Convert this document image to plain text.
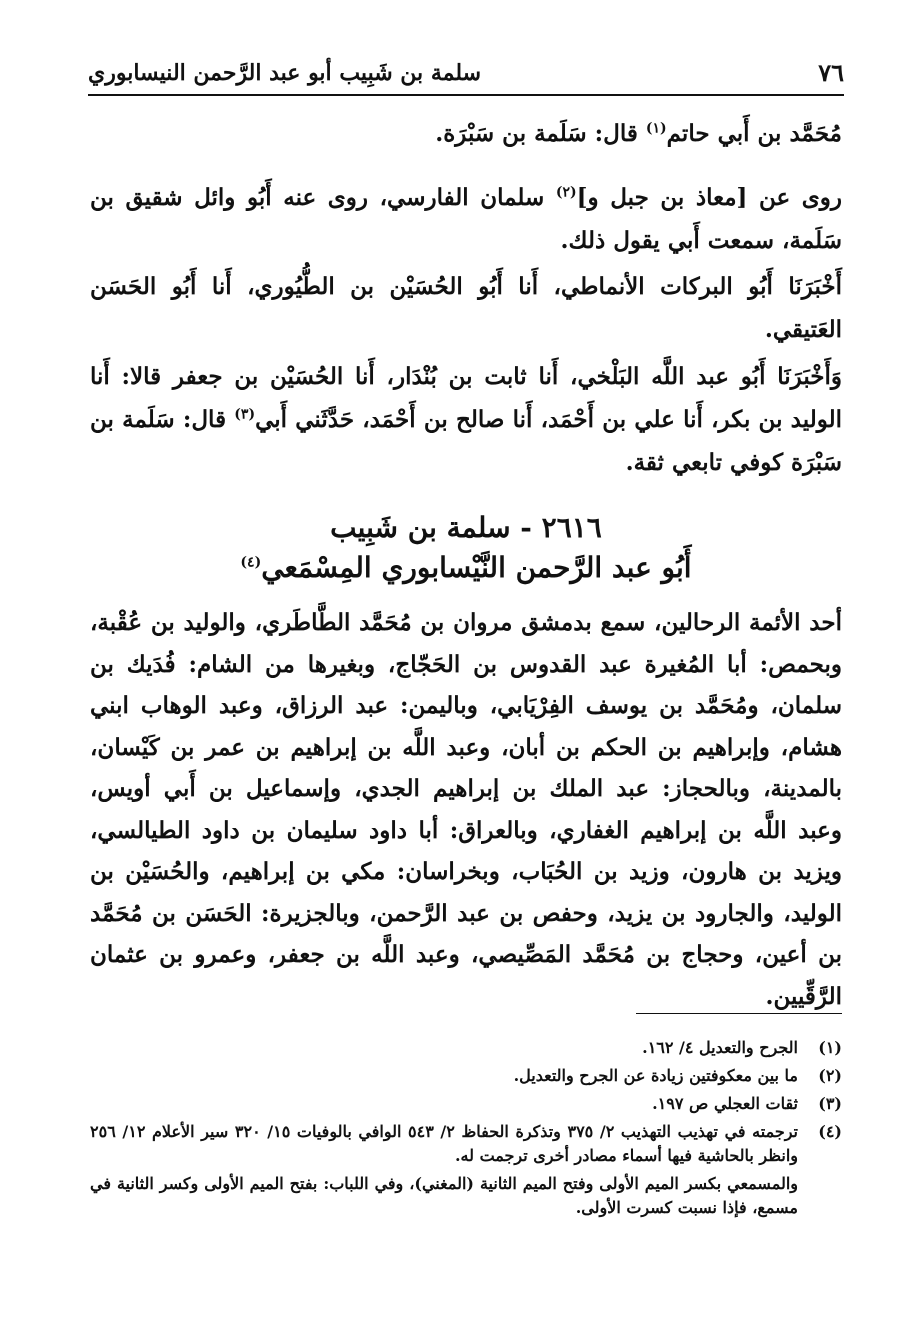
٧٦
سلمة بن شَبِيب أبو عبد الرَّحمن النيسابوري
مُحَمَّد بن أَبي حاتم$^{(١)}$ قال: سَلَمة بن سَبْرَة.
روى عن [معاذ بن جبل و]$^{(٢)}$ سلمان الفارسي، روى عنه أَبُو وائل شقيق بن سَلَمة، سمعت أَبي يقول ذلك.
أَخْبَرَنَا أَبُو البركات الأنماطي، أَنا أَبُو الحُسَيْن بن الطُّيُوري، أَنا أَبُو الحَسَن العَتيقي.
وَأَخْبَرَنَا أَبُو عبد اللَّه البَلْخي، أَنا ثابت بن بُنْدَار، أَنا الحُسَيْن بن جعفر قالا: أَنا الوليد بن بكر، أَنا علي بن أَحْمَد، أَنا صالح بن أَحْمَد، حَدَّثَني أَبي$^{(٣)}$ قال: سَلَمة بن سَبْرَة كوفي تابعي ثقة.
٢٦١٦ - سلمة بن شَبِيب
أَبُو عبد الرَّحمن النَّيْسابوري المِسْمَعي$^{(٤)}$
أحد الأئمة الرحالين، سمع بدمشق مروان بن مُحَمَّد الطَّاطَري، والوليد بن عُقْبة، وبحمص: أبا المُغيرة عبد القدوس بن الحَجّاج، وبغيرها من الشام: فُدَيك بن سلمان، ومُحَمَّد بن يوسف الفِرْيَابي، وباليمن: عبد الرزاق، وعبد الوهاب ابني هشام، وإبراهيم بن الحكم بن أبان، وعبد اللَّه بن إبراهيم بن عمر بن كَيْسان، بالمدينة، وبالحجاز: عبد الملك بن إبراهيم الجدي، وإسماعيل بن أَبي أويس، وعبد اللَّه بن إبراهيم الغفاري، وبالعراق: أبا داود سليمان بن داود الطيالسي، ويزيد بن هارون، وزيد بن الحُبَاب، وبخراسان: مكي بن إبراهيم، والحُسَيْن بن الوليد، والجارود بن يزيد، وحفص بن عبد الرَّحمن، وبالجزيرة: الحَسَن بن مُحَمَّد بن أعين، وحجاج بن مُحَمَّد المَصِّيصي، وعبد اللَّه بن جعفر، وعمرو بن عثمان الرَّقِّيين.
(١)
الجرح والتعديل ٤/ ١٦٢.
(٢)
ما بين معكوفتين زيادة عن الجرح والتعديل.
(٣)
ثقات العجلي ص ١٩٧.
(٤)
ترجمته في تهذيب التهذيب ٢/ ٣٧٥ وتذكرة الحفاظ ٢/ ٥٤٣ الوافي بالوفيات ١٥/ ٣٢٠ سير الأعلام ١٢/ ٢٥٦ وانظر بالحاشية فيها أسماء مصادر أخرى ترجمت له.
والمسمعي بكسر الميم الأولى وفتح الميم الثانية (المغني)، وفي اللباب: بفتح الميم الأولى وكسر الثانية في مسمع، فإذا نسبت كسرت الأولى.
